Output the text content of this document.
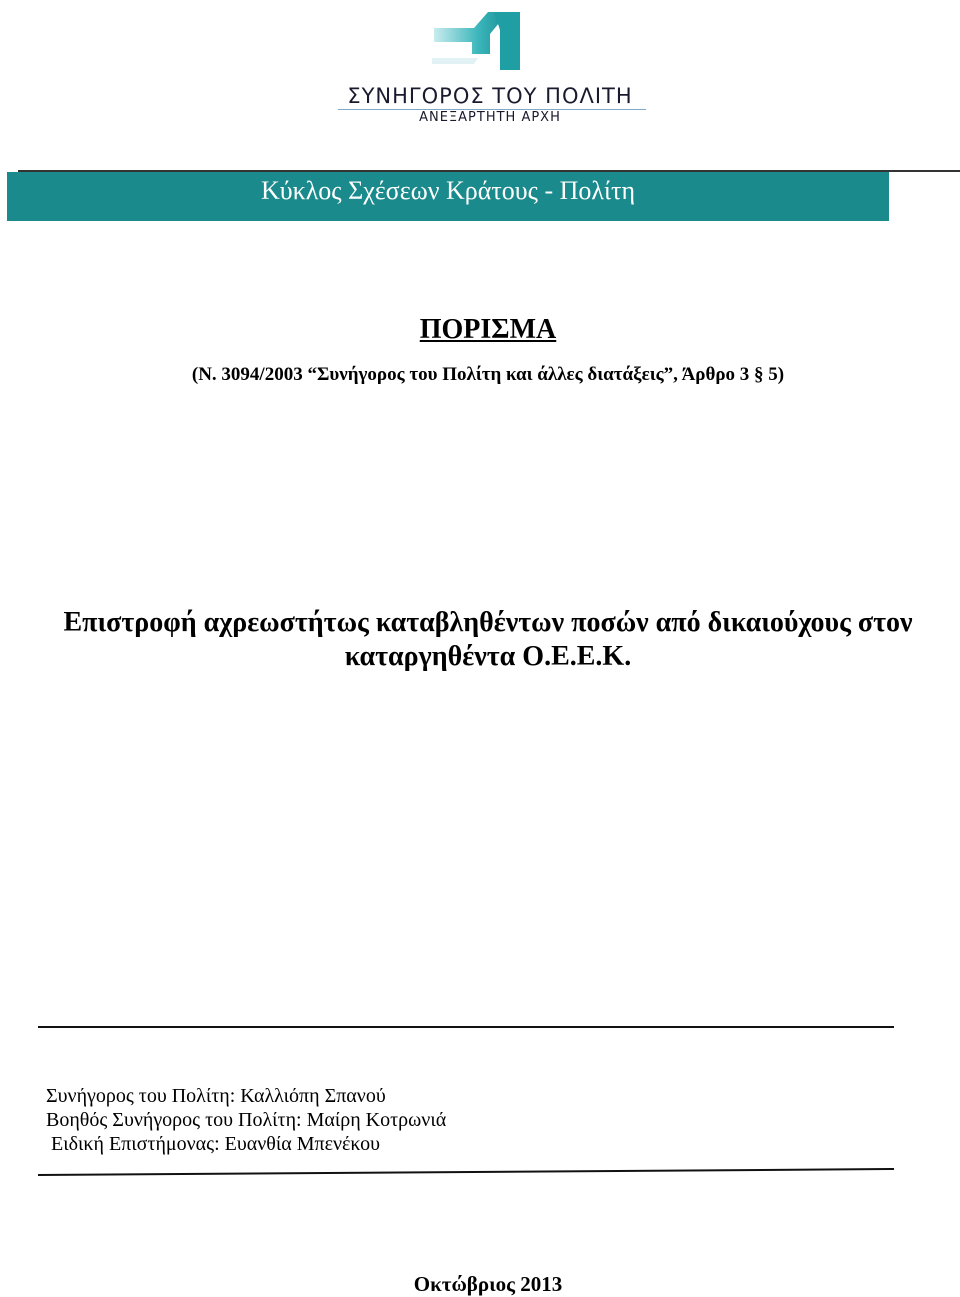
ΣΥΝΗΓΟΡΟΣ ΤΟΥ ΠΟΛΙΤΗ
ΑΝΕΞΑΡΤΗΤΗ ΑΡΧΗ
Κύκλος Σχέσεων Κράτους - Πολίτη
ΠΟΡΙΣΜΑ
(Ν. 3094/2003 “Συνήγορος του Πολίτη και άλλες διατάξεις”, Άρθρο 3 § 5)
Επιστροφή αχρεωστήτως καταβληθέντων ποσών από δικαιούχους στον
καταργηθέντα Ο.Ε.Ε.Κ.
Συνήγορος του Πολίτη: Καλλιόπη Σπανού
Βοηθός Συνήγορος του Πολίτη: Μαίρη Κοτρωνιά
Ειδική Επιστήμονας: Ευανθία Μπενέκου
Οκτώβριος 2013
